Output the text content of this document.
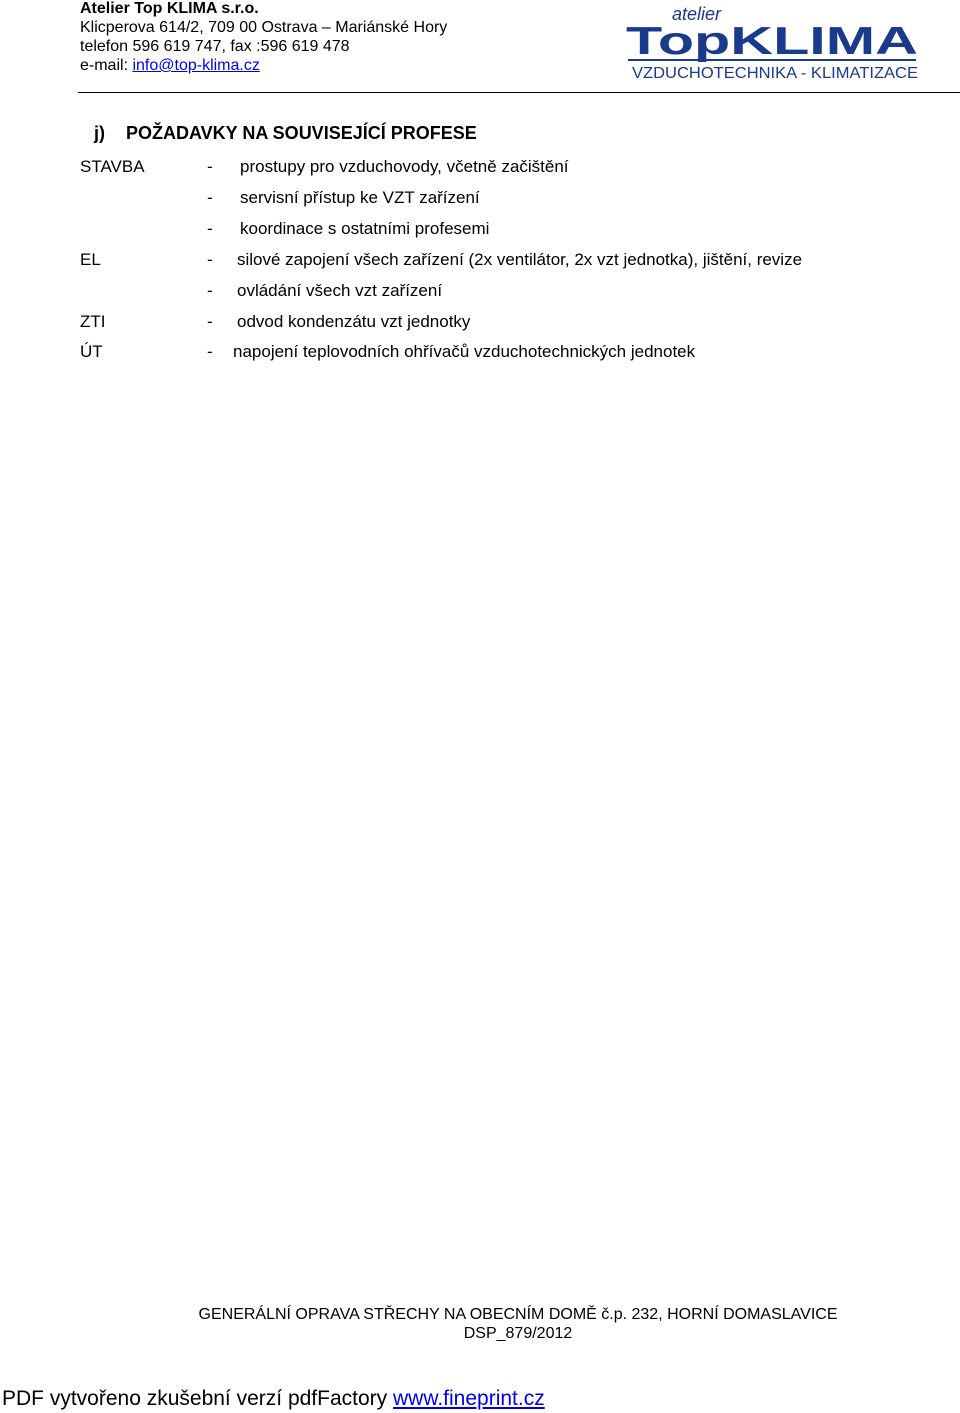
Atelier Top KLIMA s.r.o.
Klicperova 614/2, 709 00 Ostrava – Mariánské Hory
telefon 596 619 747, fax :596 619 478
e-mail: info@top-klima.cz
atelier
TopKLIMA
VZDUCHOTECHNIKA - KLIMATIZACE
j) POŽADAVKY NA SOUVISEJÍCÍ PROFESE
STAVBA	- prostupy pro vzduchovody, včetně začištění
- servisní přístup ke VZT zařízení
- koordinace s ostatními profesemi
EL	- silové zapojení všech zařízení (2x ventilátor, 2x vzt jednotka), jištění, revize
- ovládání všech vzt zařízení
ZTI	- odvod kondenzátu vzt jednotky
ÚT	- napojení teplovodních ohřívačů vzduchotechnických jednotek
GENERÁLNÍ OPRAVA STŘECHY NA OBECNÍM DOMĚ č.p. 232, HORNÍ DOMASLAVICE
DSP_879/2012
PDF vytvořeno zkušební verzí pdfFactory www.fineprint.cz
